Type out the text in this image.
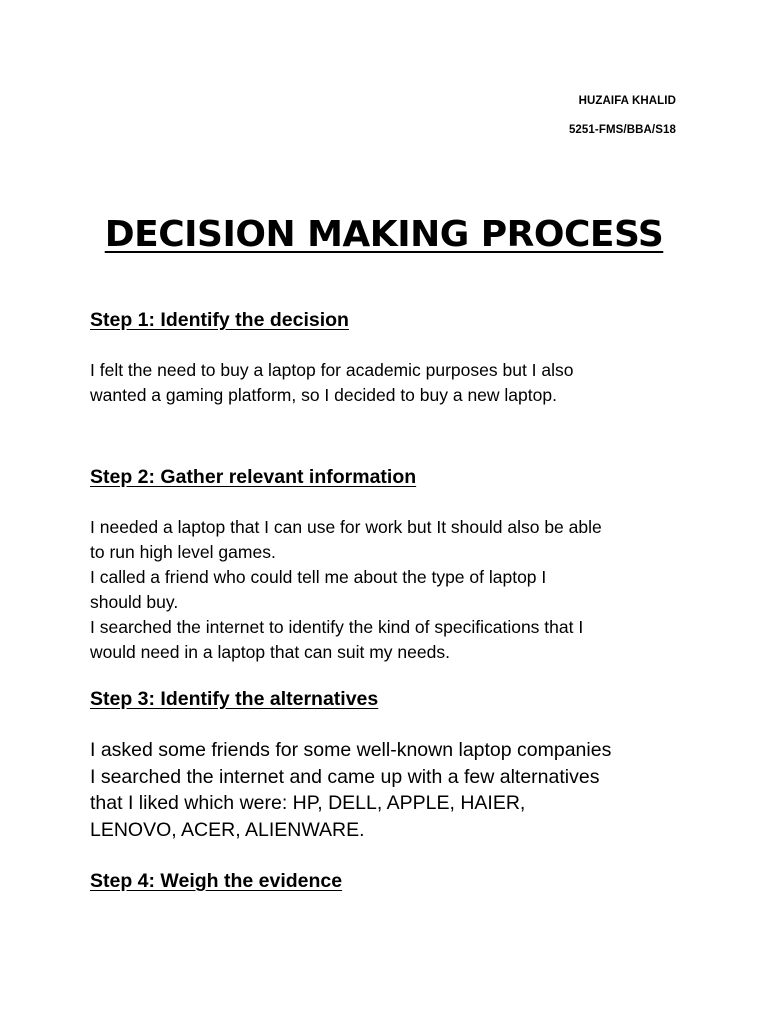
HUZAIFA KHALID
5251-FMS/BBA/S18
DECISION MAKING PROCESS
Step 1: Identify the decision
I felt the need to buy a laptop for academic purposes but I also
wanted a gaming platform, so I decided to buy a new laptop.
Step 2: Gather relevant information
I needed a laptop that I can use for work but It should also be able
to run high level games.
I called a friend who could tell me about the type of laptop I
should buy.
I searched the internet to identify the kind of specifications that I
would need in a laptop that can suit my needs.
Step 3: Identify the alternatives
I asked some friends for some well-known laptop companies
I searched the internet and came up with a few alternatives
that I liked which were: HP, DELL, APPLE, HAIER,
LENOVO, ACER, ALIENWARE.
Step 4: Weigh the evidence
